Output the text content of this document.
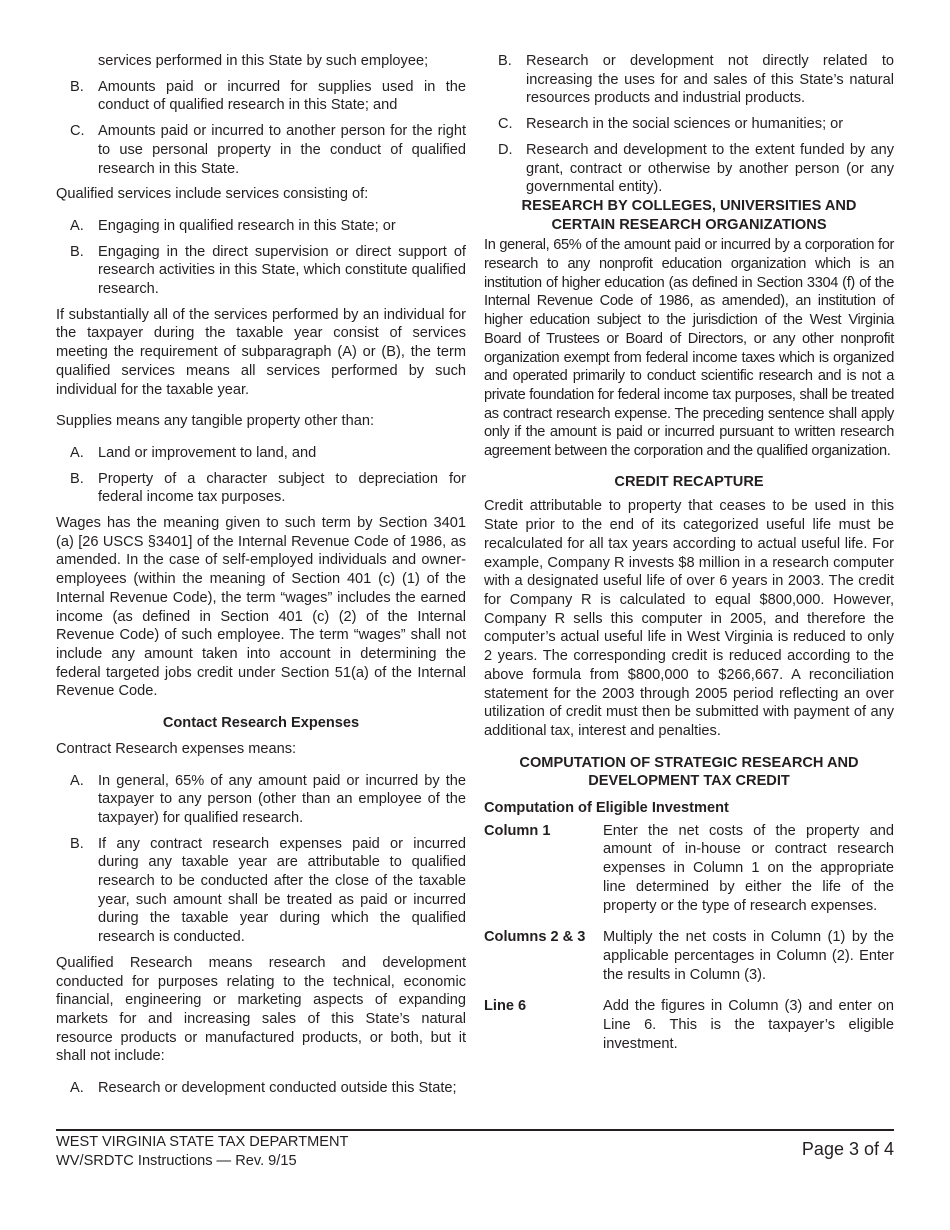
services performed in this State by such employee;

B. Amounts paid or incurred for supplies used in the conduct of qualified research in this State; and
C. Amounts paid or incurred to another person for the right to use personal property in the conduct of qualified research in this State.

Qualified services include services consisting of:

A. Engaging in qualified research in this State; or
B. Engaging in the direct supervision or direct support of research activities in this State, which constitute qualified research.

If substantially all of the services performed by an individual for the taxpayer during the taxable year consist of services meeting the requirement of subparagraph (A) or (B), the term qualified services means all services performed by such individual for the taxable year.

Supplies means any tangible property other than:

A. Land or improvement to land, and
B. Property of a character subject to depreciation for federal income tax purposes.

Wages has the meaning given to such term by Section 3401 (a) [26 USCS §3401] of the Internal Revenue Code of 1986, as amended. In the case of self-employed individuals and owner-employees (within the meaning of Section 401 (c) (1) of the Internal Revenue Code), the term “wages” includes the earned income (as defined in Section 401 (c) (2) of the Internal Revenue Code) of such employee. The term “wages” shall not include any amount taken into account in determining the federal targeted jobs credit under Section 51(a) of the Internal Revenue Code.

Contact Research Expenses

Contract Research expenses means:

A. In general, 65% of any amount paid or incurred by the taxpayer to any person (other than an employee of the taxpayer) for qualified research.
B. If any contract research expenses paid or incurred during any taxable year are attributable to qualified research to be conducted after the close of the taxable year, such amount shall be treated as paid or incurred during the taxable year during which the qualified research is conducted.

Qualified Research means research and development conducted for purposes relating to the technical, economic financial, engineering or marketing aspects of expanding markets for and increasing sales of this State’s natural resource products or manufactured products, or both, but it shall not include:

A. Research or development conducted outside this State;
B. Research or development not directly related to increasing the uses for and sales of this State’s natural resources products and industrial products.
C. Research in the social sciences or humanities; or
D. Research and development to the extent funded by any grant, contract or otherwise by another person (or any governmental entity).
RESEARCH BY COLLEGES, UNIVERSITIES AND
CERTAIN RESEARCH ORGANIZATIONS

In general, 65% of the amount paid or incurred by a corporation for research to any nonprofit education organization which is an institution of higher education (as defined in Section 3304 (f) of the Internal Revenue Code of 1986, as amended), an institution of higher education subject to the jurisdiction of the West Virginia Board of Trustees or Board of Directors, or any other nonprofit organization exempt from federal income taxes which is organized and operated primarily to conduct scientific research and is not a private foundation for federal income tax purposes, shall be treated as contract research expense. The preceding sentence shall apply only if the amount is paid or incurred pursuant to written research agreement between the corporation and the qualified organization.

CREDIT RECAPTURE

Credit attributable to property that ceases to be used in this State prior to the end of its categorized useful life must be recalculated for all tax years according to actual useful life. For example, Company R invests $8 million in a research computer with a designated useful life of over 6 years in 2003. The credit for Company R is calculated to equal $800,000. However, Company R sells this computer in 2005, and therefore the computer’s actual useful life in West Virginia is reduced to only 2 years. The corresponding credit is reduced according to the above formula from $800,000 to $266,667. A reconciliation statement for the 2003 through 2005 period reflecting an over utilization of credit must then be submitted with payment of any additional tax, interest and penalties.

COMPUTATION OF STRATEGIC RESEARCH AND
DEVELOPMENT TAX CREDIT

Computation of Eligible Investment

Column 1	Enter the net costs of the property and amount of in-house or contract research expenses in Column 1 on the appropriate line determined by either the life of the property or the type of research expenses.
Columns 2 & 3	Multiply the net costs in Column (1) by the applicable percentages in Column (2). Enter the results in Column (3).
Line 6	Add the figures in Column (3) and enter on Line 6. This is the taxpayer’s eligible investment.
WEST VIRGINIA STATE TAX DEPARTMENT
WV/SRDTC Instructions — Rev. 9/15
Page 3 of 4
